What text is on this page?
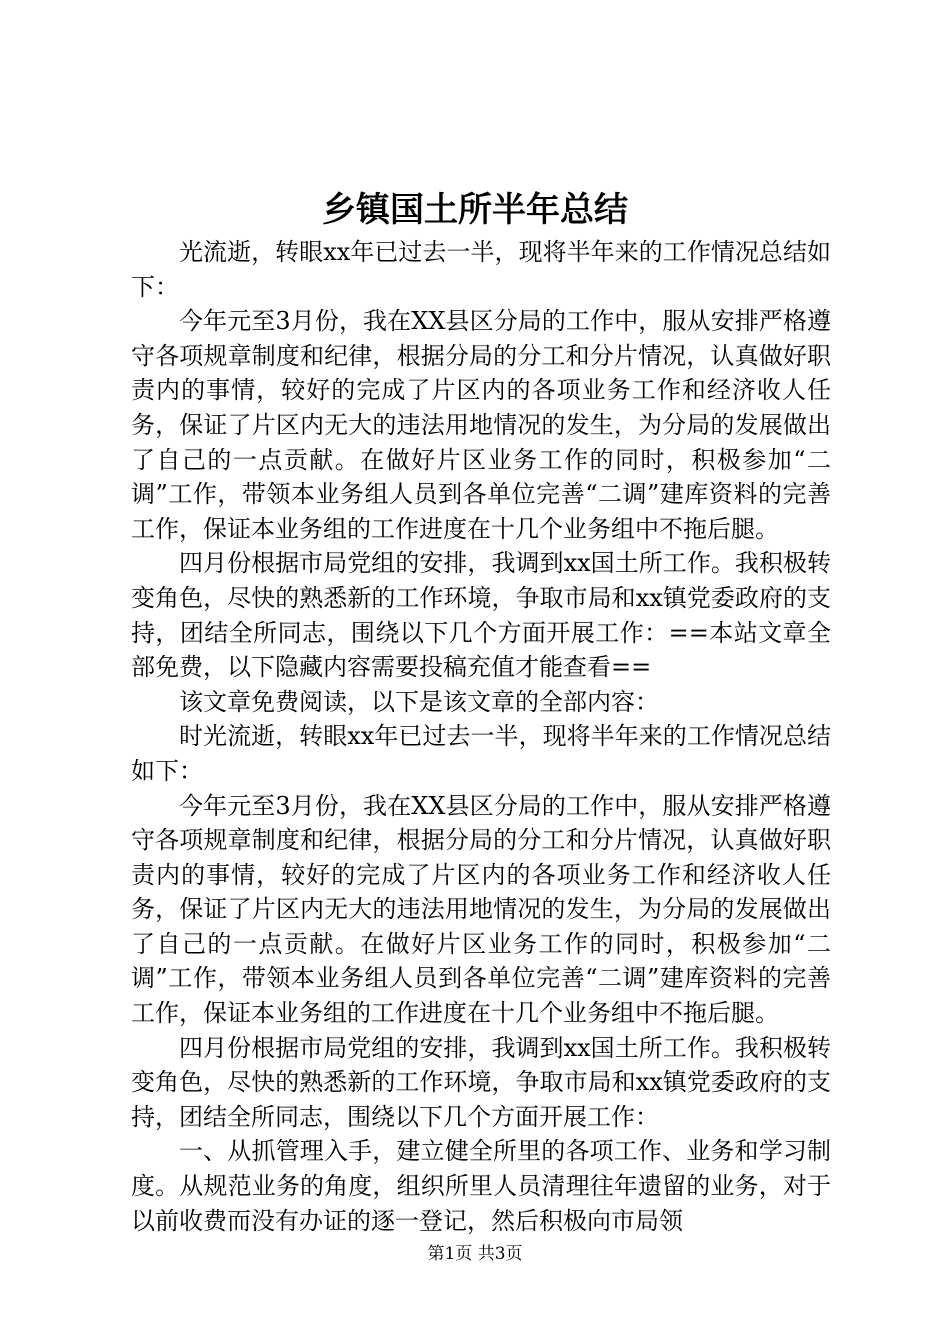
乡镇国土所半年总结

光流逝，转眼xx年已过去一半，现将半年来的工作情况总结如下：

今年元至3月份，我在XX县区分局的工作中，服从安排严格遵守各项规章制度和纪律，根据分局的分工和分片情况，认真做好职责内的事情，较好的完成了片区内的各项业务工作和经济收人任务，保证了片区内无大的违法用地情况的发生，为分局的发展做出了自己的一点贡献。在做好片区业务工作的同时，积极参加“二调”工作，带领本业务组人员到各单位完善“二调”建库资料的完善工作，保证本业务组的工作进度在十几个业务组中不拖后腿。

四月份根据市局党组的安排，我调到xx国土所工作。我积极转变角色，尽快的熟悉新的工作环境，争取市局和xx镇党委政府的支持，团结全所同志，围绕以下几个方面开展工作：==本站文章全部免费，以下隐藏内容需要投稿充值才能查看==

该文章免费阅读，以下是该文章的全部内容：

时光流逝，转眼xx年已过去一半，现将半年来的工作情况总结如下：

今年元至3月份，我在XX县区分局的工作中，服从安排严格遵守各项规章制度和纪律，根据分局的分工和分片情况，认真做好职责内的事情，较好的完成了片区内的各项业务工作和经济收人任务，保证了片区内无大的违法用地情况的发生，为分局的发展做出了自己的一点贡献。在做好片区业务工作的同时，积极参加“二调”工作，带领本业务组人员到各单位完善“二调”建库资料的完善工作，保证本业务组的工作进度在十几个业务组中不拖后腿。

四月份根据市局党组的安排，我调到xx国土所工作。我积极转变角色，尽快的熟悉新的工作环境，争取市局和xx镇党委政府的支持，团结全所同志，围绕以下几个方面开展工作：

一、从抓管理入手，建立健全所里的各项工作、业务和学习制度。从规范业务的角度，组织所里人员清理往年遗留的业务，对于以前收费而没有办证的逐一登记，然后积极向市局领

第1页 共3页
